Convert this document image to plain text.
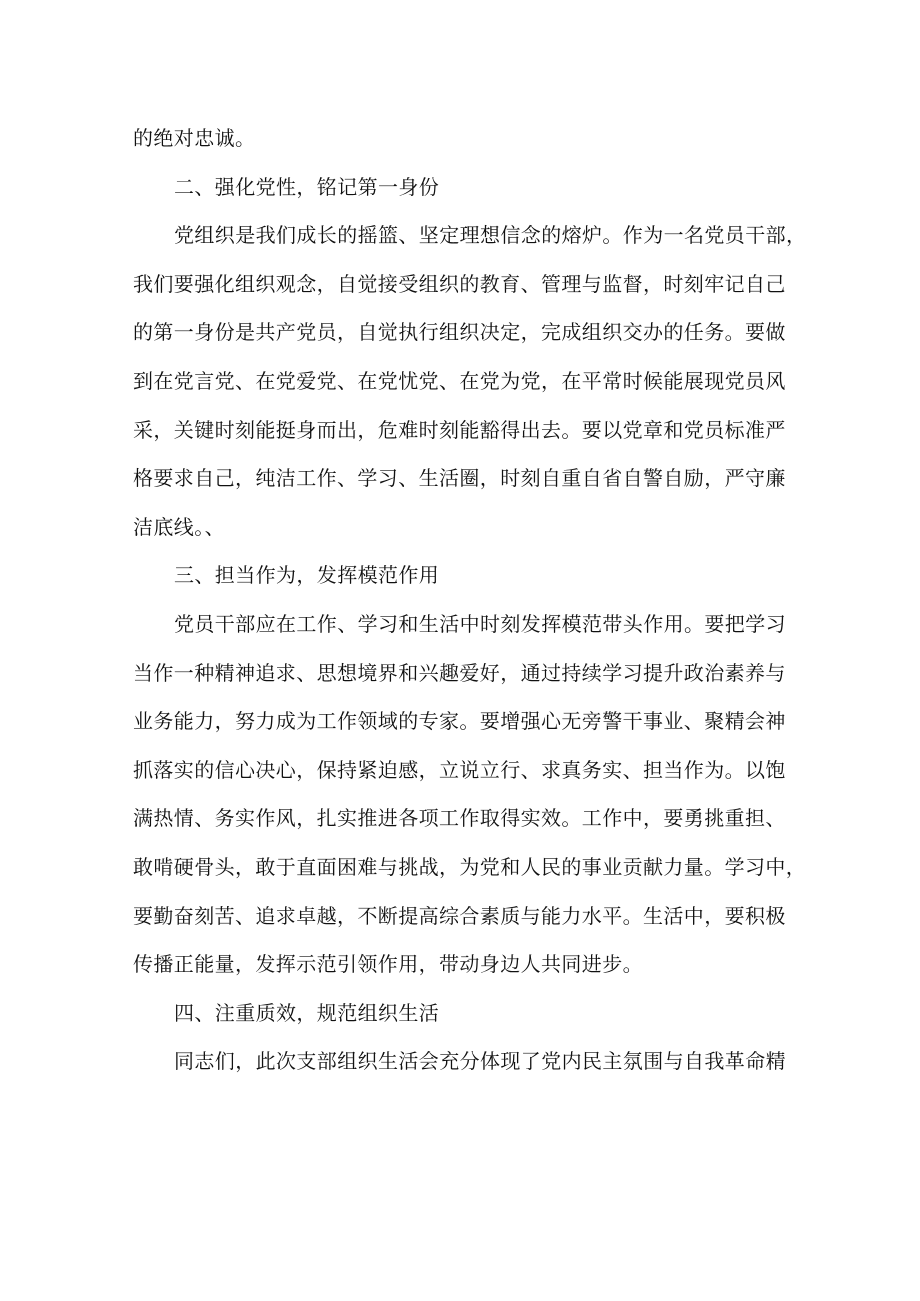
的绝对忠诚。
二、强化党性，铭记第一身份
党组织是我们成长的摇篮、坚定理想信念的熔炉。作为一名党员干部，
我们要强化组织观念，自觉接受组织的教育、管理与监督，时刻牢记自己
的第一身份是共产党员，自觉执行组织决定，完成组织交办的任务。要做
到在党言党、在党爱党、在党忧党、在党为党，在平常时候能展现党员风
采，关键时刻能挺身而出，危难时刻能豁得出去。要以党章和党员标准严
格要求自己，纯洁工作、学习、生活圈，时刻自重自省自警自励，严守廉
洁底线。、
三、担当作为，发挥模范作用
党员干部应在工作、学习和生活中时刻发挥模范带头作用。要把学习
当作一种精神追求、思想境界和兴趣爱好，通过持续学习提升政治素养与
业务能力，努力成为工作领域的专家。要增强心无旁警干事业、聚精会神
抓落实的信心决心，保持紧迫感，立说立行、求真务实、担当作为。以饱
满热情、务实作风，扎实推进各项工作取得实效。工作中，要勇挑重担、
敢啃硬骨头，敢于直面困难与挑战，为党和人民的事业贡献力量。学习中，
要勤奋刻苦、追求卓越，不断提高综合素质与能力水平。生活中，要积极
传播正能量，发挥示范引领作用，带动身边人共同进步。
四、注重质效，规范组织生活
同志们，此次支部组织生活会充分体现了党内民主氛围与自我革命精
